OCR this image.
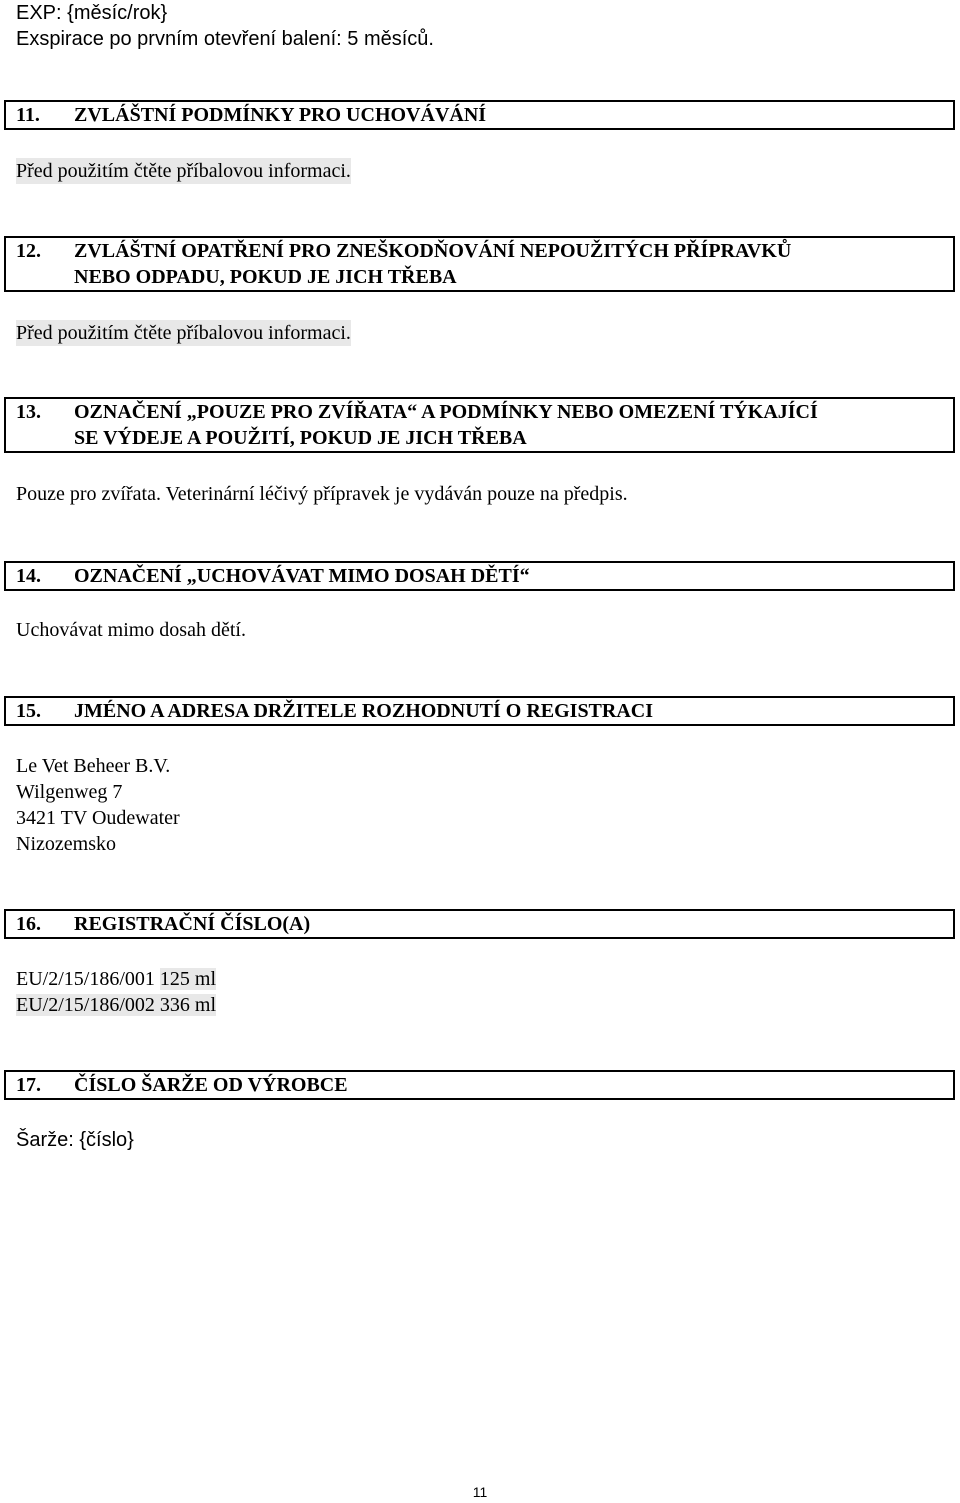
EXP: {měsíc/rok}
Exspirace po prvním otevření balení: 5 měsíců.
11.	ZVLÁŠTNÍ PODMÍNKY PRO UCHOVÁVÁNÍ
Před použitím čtěte příbalovou informaci.
12.	ZVLÁŠTNÍ OPATŘENÍ PRO ZNEŠKODŇOVÁNÍ NEPOUŽITÝCH PŘÍPRAVKŮ
NEBO ODPADU, POKUD JE JICH TŘEBA
Před použitím čtěte příbalovou informaci.
13.	OZNAČENÍ „POUZE PRO ZVÍŘATA“ A PODMÍNKY NEBO OMEZENÍ TÝKAJÍCÍ
SE VÝDEJE A POUŽITÍ, POKUD JE JICH TŘEBA
Pouze pro zvířata. Veterinární léčivý přípravek je vydáván pouze na předpis.
14.	OZNAČENÍ „UCHOVÁVAT MIMO DOSAH DĚTÍ“
Uchovávat mimo dosah dětí.
15.	JMÉNO A ADRESA DRŽITELE ROZHODNUTÍ O REGISTRACI
Le Vet Beheer B.V.
Wilgenweg 7
3421 TV Oudewater
Nizozemsko
16.	REGISTRAČNÍ ČÍSLO(A)
EU/2/15/186/001 125 ml
EU/2/15/186/002 336 ml
17.	ČÍSLO ŠARŽE OD VÝROBCE
Šarže: {číslo}
11
